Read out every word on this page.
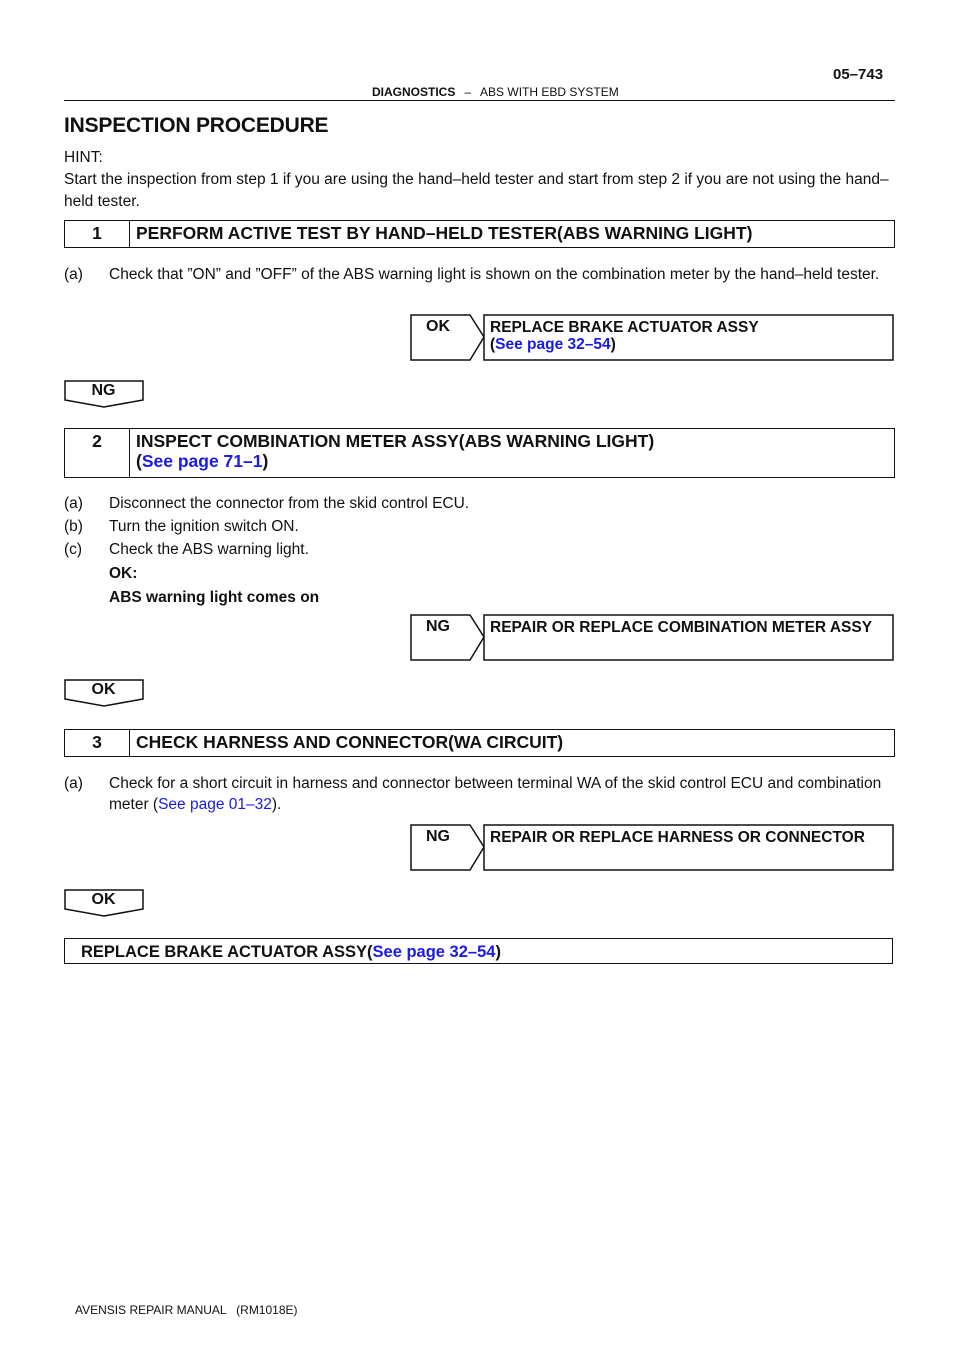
DIAGNOSTICS – ABS WITH EBD SYSTEM
05–743
INSPECTION PROCEDURE
HINT:
Start the inspection from step 1 if you are using the hand–held tester and start from step 2 if you are not using the hand–held tester.
1	PERFORM ACTIVE TEST BY HAND–HELD TESTER(ABS WARNING LIGHT)
(a) Check that ”ON” and ”OFF” of the ABS warning light is shown on the combination meter by the hand–held tester.
OK	REPLACE BRAKE ACTUATOR ASSY
(See page 32–54)
NG
2	INSPECT COMBINATION METER ASSY(ABS WARNING LIGHT)
(See page 71–1)
(a) Disconnect the connector from the skid control ECU.
(b) Turn the ignition switch ON.
(c) Check the ABS warning light.
OK:
ABS warning light comes on
NG	REPAIR OR REPLACE COMBINATION METER ASSY
OK
3	CHECK HARNESS AND CONNECTOR(WA CIRCUIT)
(a) Check for a short circuit in harness and connector between terminal WA of the skid control ECU and combination meter (See page 01–32).
NG	REPAIR OR REPLACE HARNESS OR CONNECTOR
OK
REPLACE BRAKE ACTUATOR ASSY(See page 32–54)
AVENSIS REPAIR MANUAL   (RM1018E)
